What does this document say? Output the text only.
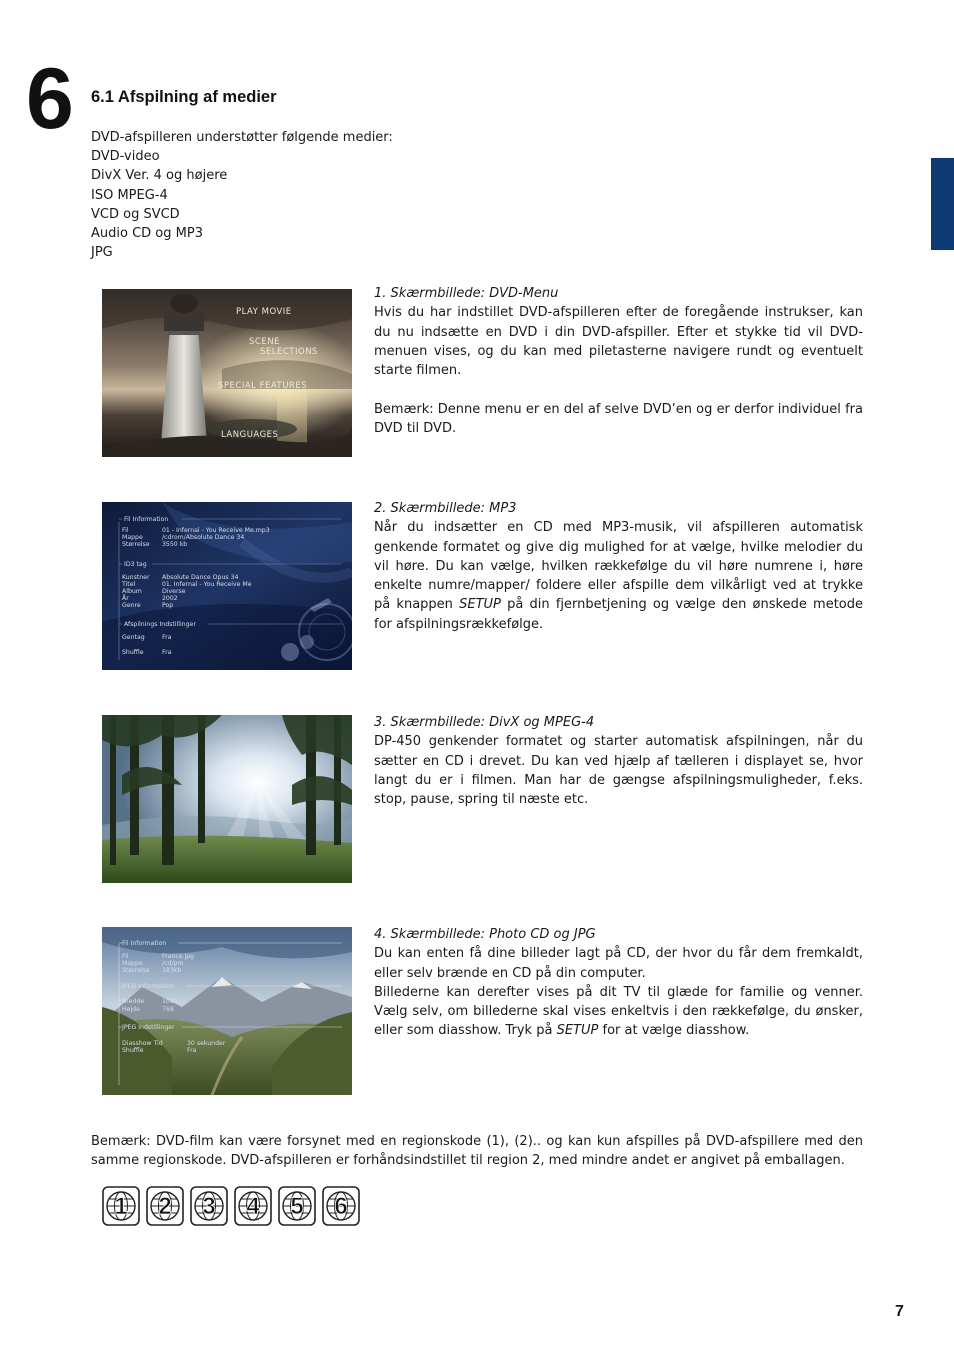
6 6.1 Afspilning af medier
DVD-afspilleren understøtter følgende medier:
DVD-video
DivX Ver. 4 og højere
ISO MPEG-4
VCD og SVCD
Audio CD og MP3
JPG
PLAY MOVIE
SCENE
SELECTIONS
SPECIAL FEATURES
LANGUAGES

1. Skærmbillede: DVD-Menu

Hvis du har indstillet DVD-afspilleren efter de foregående instrukser, kan du nu indsætte en DVD i din DVD-afspiller. Efter et stykke tid vil DVD-menuen vises, og du kan med piletasterne navigere rundt og eventuelt starte filmen.

Bemærk: Denne menu er en del af selve DVD’en og er derfor individuel fra DVD til DVD.

Fil Information
Fil
Mappe
Størrelse
01 - Infernal - You Receive Me.mp3
/cdrom/Absolute Dance 34
3550 kb
ID3 tag
Kunstner
Titel
Album
År
Genre
Absolute Dance Opus 34
01. Infernal - You Receive Me
Diverse
2002
Pop
Afspilnings Indstillinger
Gentag
Shuffle
Fra
Fra

2. Skærmbillede: MP3

Når du indsætter en CD med MP3-musik, vil afspilleren automatisk genkende formatet og give dig mulighed for at vælge, hvilke melodier du vil høre. Du kan vælge, hvilken rækkefølge du vil høre numrene i, høre enkelte numre/mapper/ foldere eller afspille dem vilkårligt ved at trykke på knappen SETUP på din fjernbetjening og vælge den ønskede metode for afspilningsrækkefølge.

3. Skærmbillede: DivX og MPEG-4

DP-450 genkender formatet og starter automatisk afspilningen, når du sætter en CD i drevet. Du kan ved hjælp af tælleren i displayet se, hvor langt du er i filmen. Man har de gængse afspilningsmuligheder, f.eks. stop, pause, spring til næste etc.

Fil Information
Fil
Mappe
Størrelse
France.jpg
/cd/pm
183kb
JPEG Information
Bredde
Højde
1024
768
JPEG Indstillinger
Diasshow Tid
Shuffle
30 sekunder
Fra

4. Skærmbillede: Photo CD og JPG

Du kan enten få dine billeder lagt på CD, der hvor du får dem fremkaldt, eller selv brænde en CD på din computer.

Billederne kan derefter vises på dit TV til glæde for familie og venner. Vælg selv, om billederne skal vises enkeltvis i den rækkefølge, du ønsker, eller som diasshow. Tryk på SETUP for at vælge diasshow.

Bemærk: DVD-film kan være forsynet med en regionskode (1), (2).. og kan kun afspilles på DVD-afspillere med den samme regionskode. DVD-afspilleren er forhåndsindstillet til region 2, med mindre andet er angivet på emballagen.
1 2 3 4 5 6
7
